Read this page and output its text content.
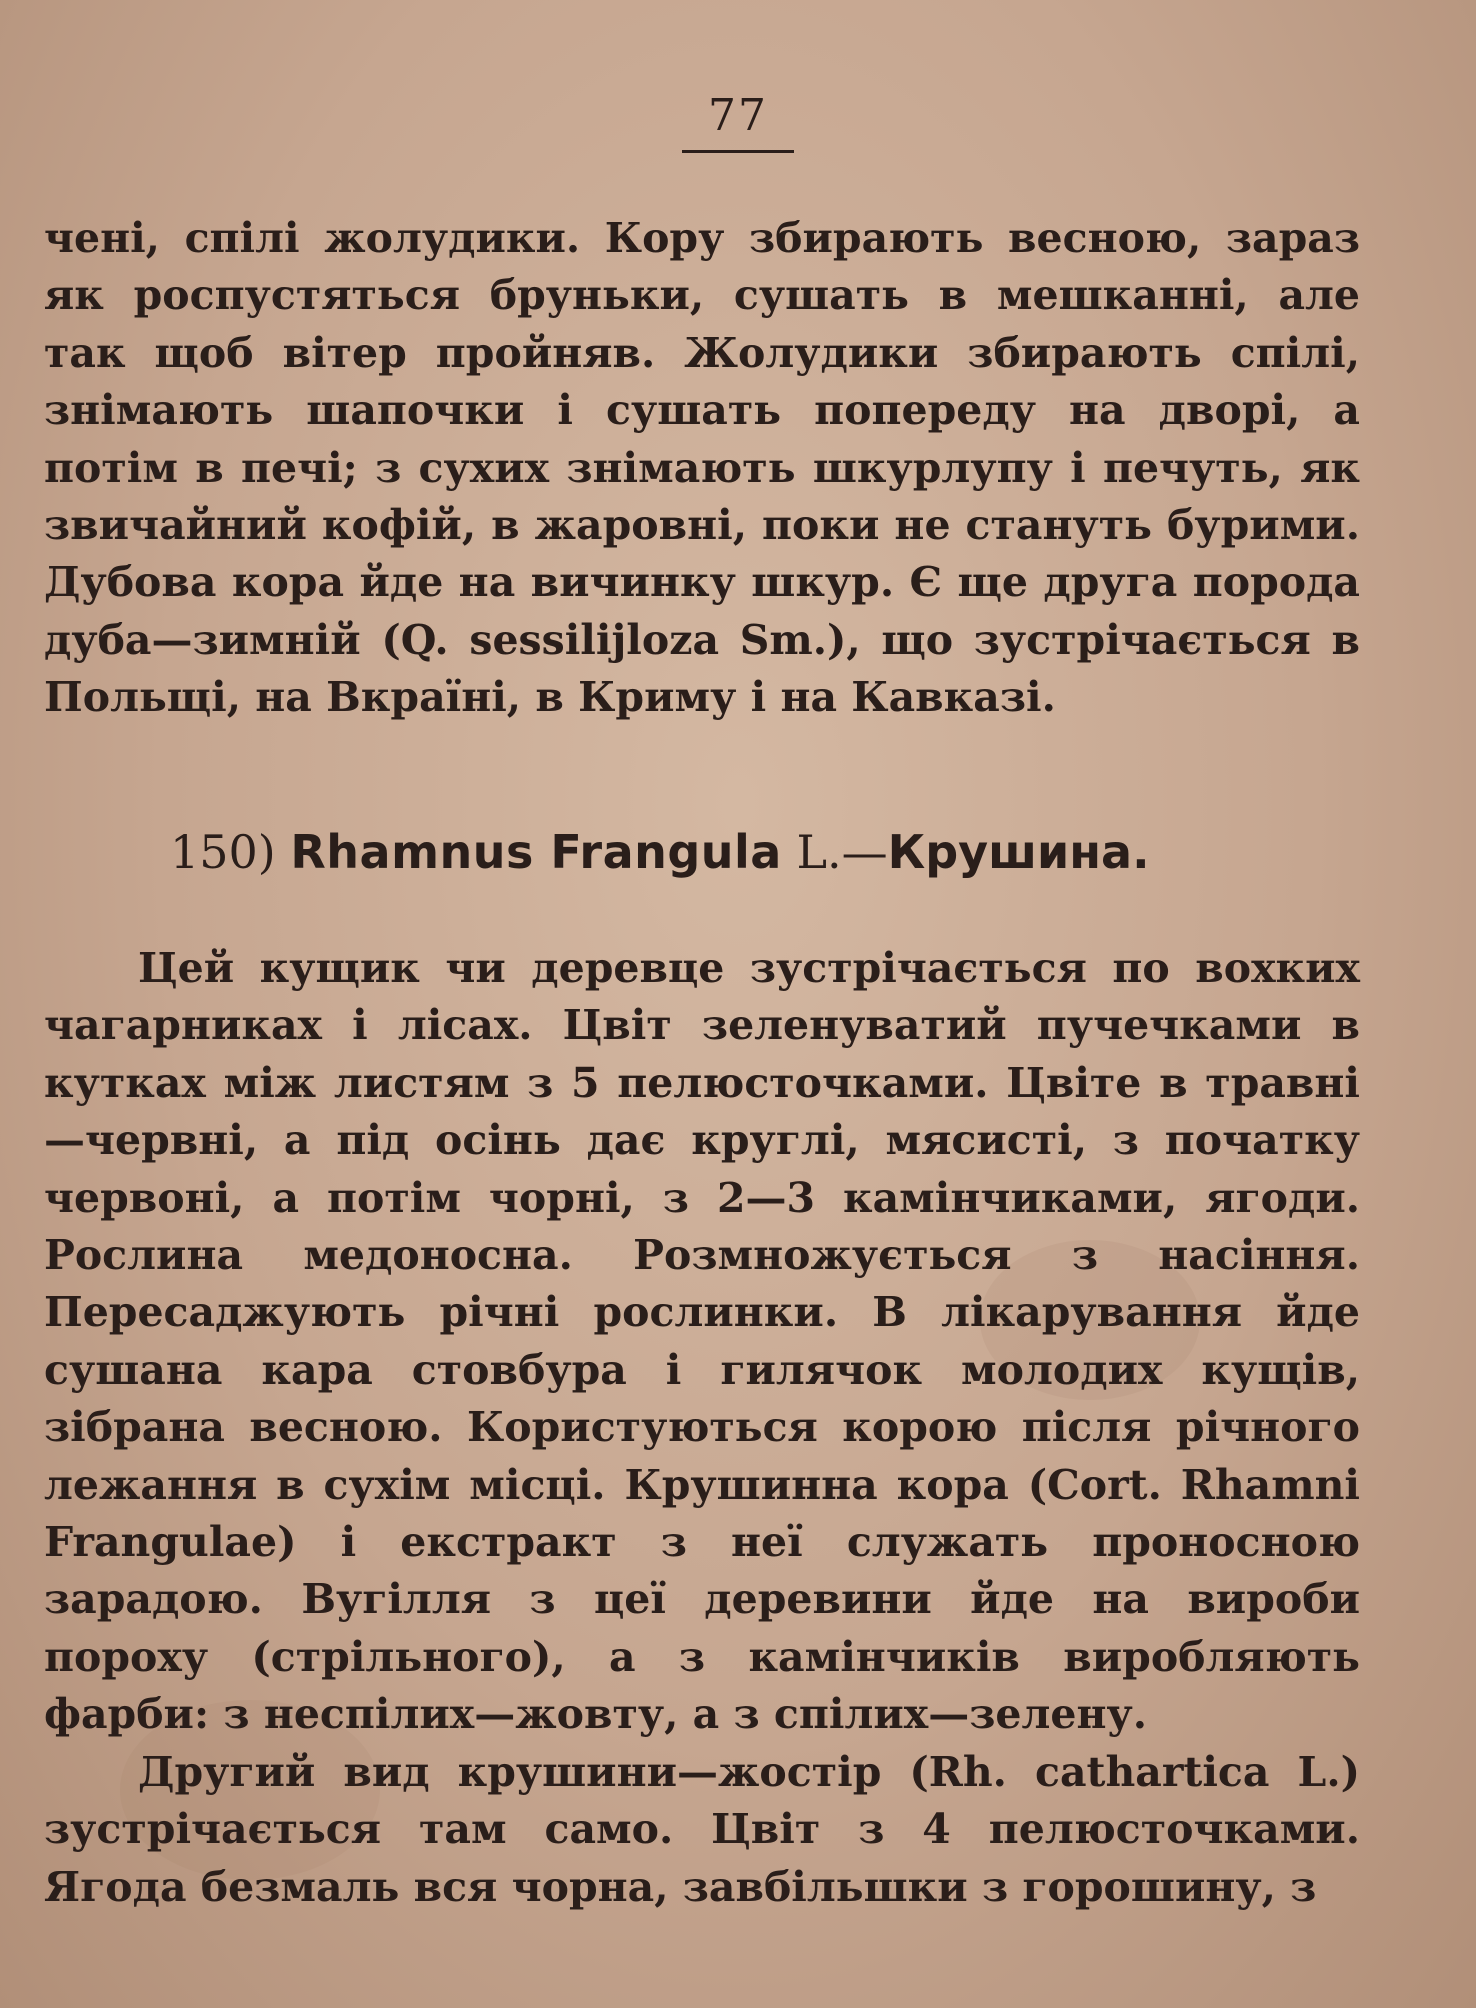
77

чені, спілі жолудики. Кору збирають весною, зараз як роспустяться бруньки, сушать в мешканні, але так щоб вітер пройняв. Жолудики збирають спілі, знімають шапочки і сушать попереду на дворі, а потім в печі; з сухих знімають шкурлупу і печуть, як звичайний кофій, в жаровні, поки не стануть бурими. Дубова кора йде на вичинку шкур. Є ще друга порода дуба—зимній (Q. sessilijloza Sm.), що зустрічається в Польщі, на Вкраїні, в Криму і на Кавказі.

150) Rhamnus Frangula L.—Крушина.

Цей кущик чи деревце зустрічається по вохких чагарниках і лісах. Цвіт зеленуватий пучечками в кутках між листям з 5 пелюсточками. Цвіте в травні—червні, а під осінь дає круглі, мясисті, з початку червоні, а потім чорні, з 2—3 камінчиками, ягоди. Рослина медоносна. Розмножується з насіння. Пересаджують річні рослинки. В лікарування йде сушана кара стовбура і гилячок молодих кущів, зібрана весною. Користуються корою після річного лежання в сухім місці. Крушинна кора (Cort. Rhamni Frangulae) і екстракт з неї служать проносною зарадою. Вугілля з цеї деревини йде на вироби пороху (стрільного), а з камінчиків виробляють фарби: з неспілих—жовту, а з спілих—зелену.

Другий вид крушини—жостір (Rh. cathartica L.) зустрічається там само. Цвіт з 4 пелюсточками. Ягода безмаль вся чорна, завбільшки з горошину, з
